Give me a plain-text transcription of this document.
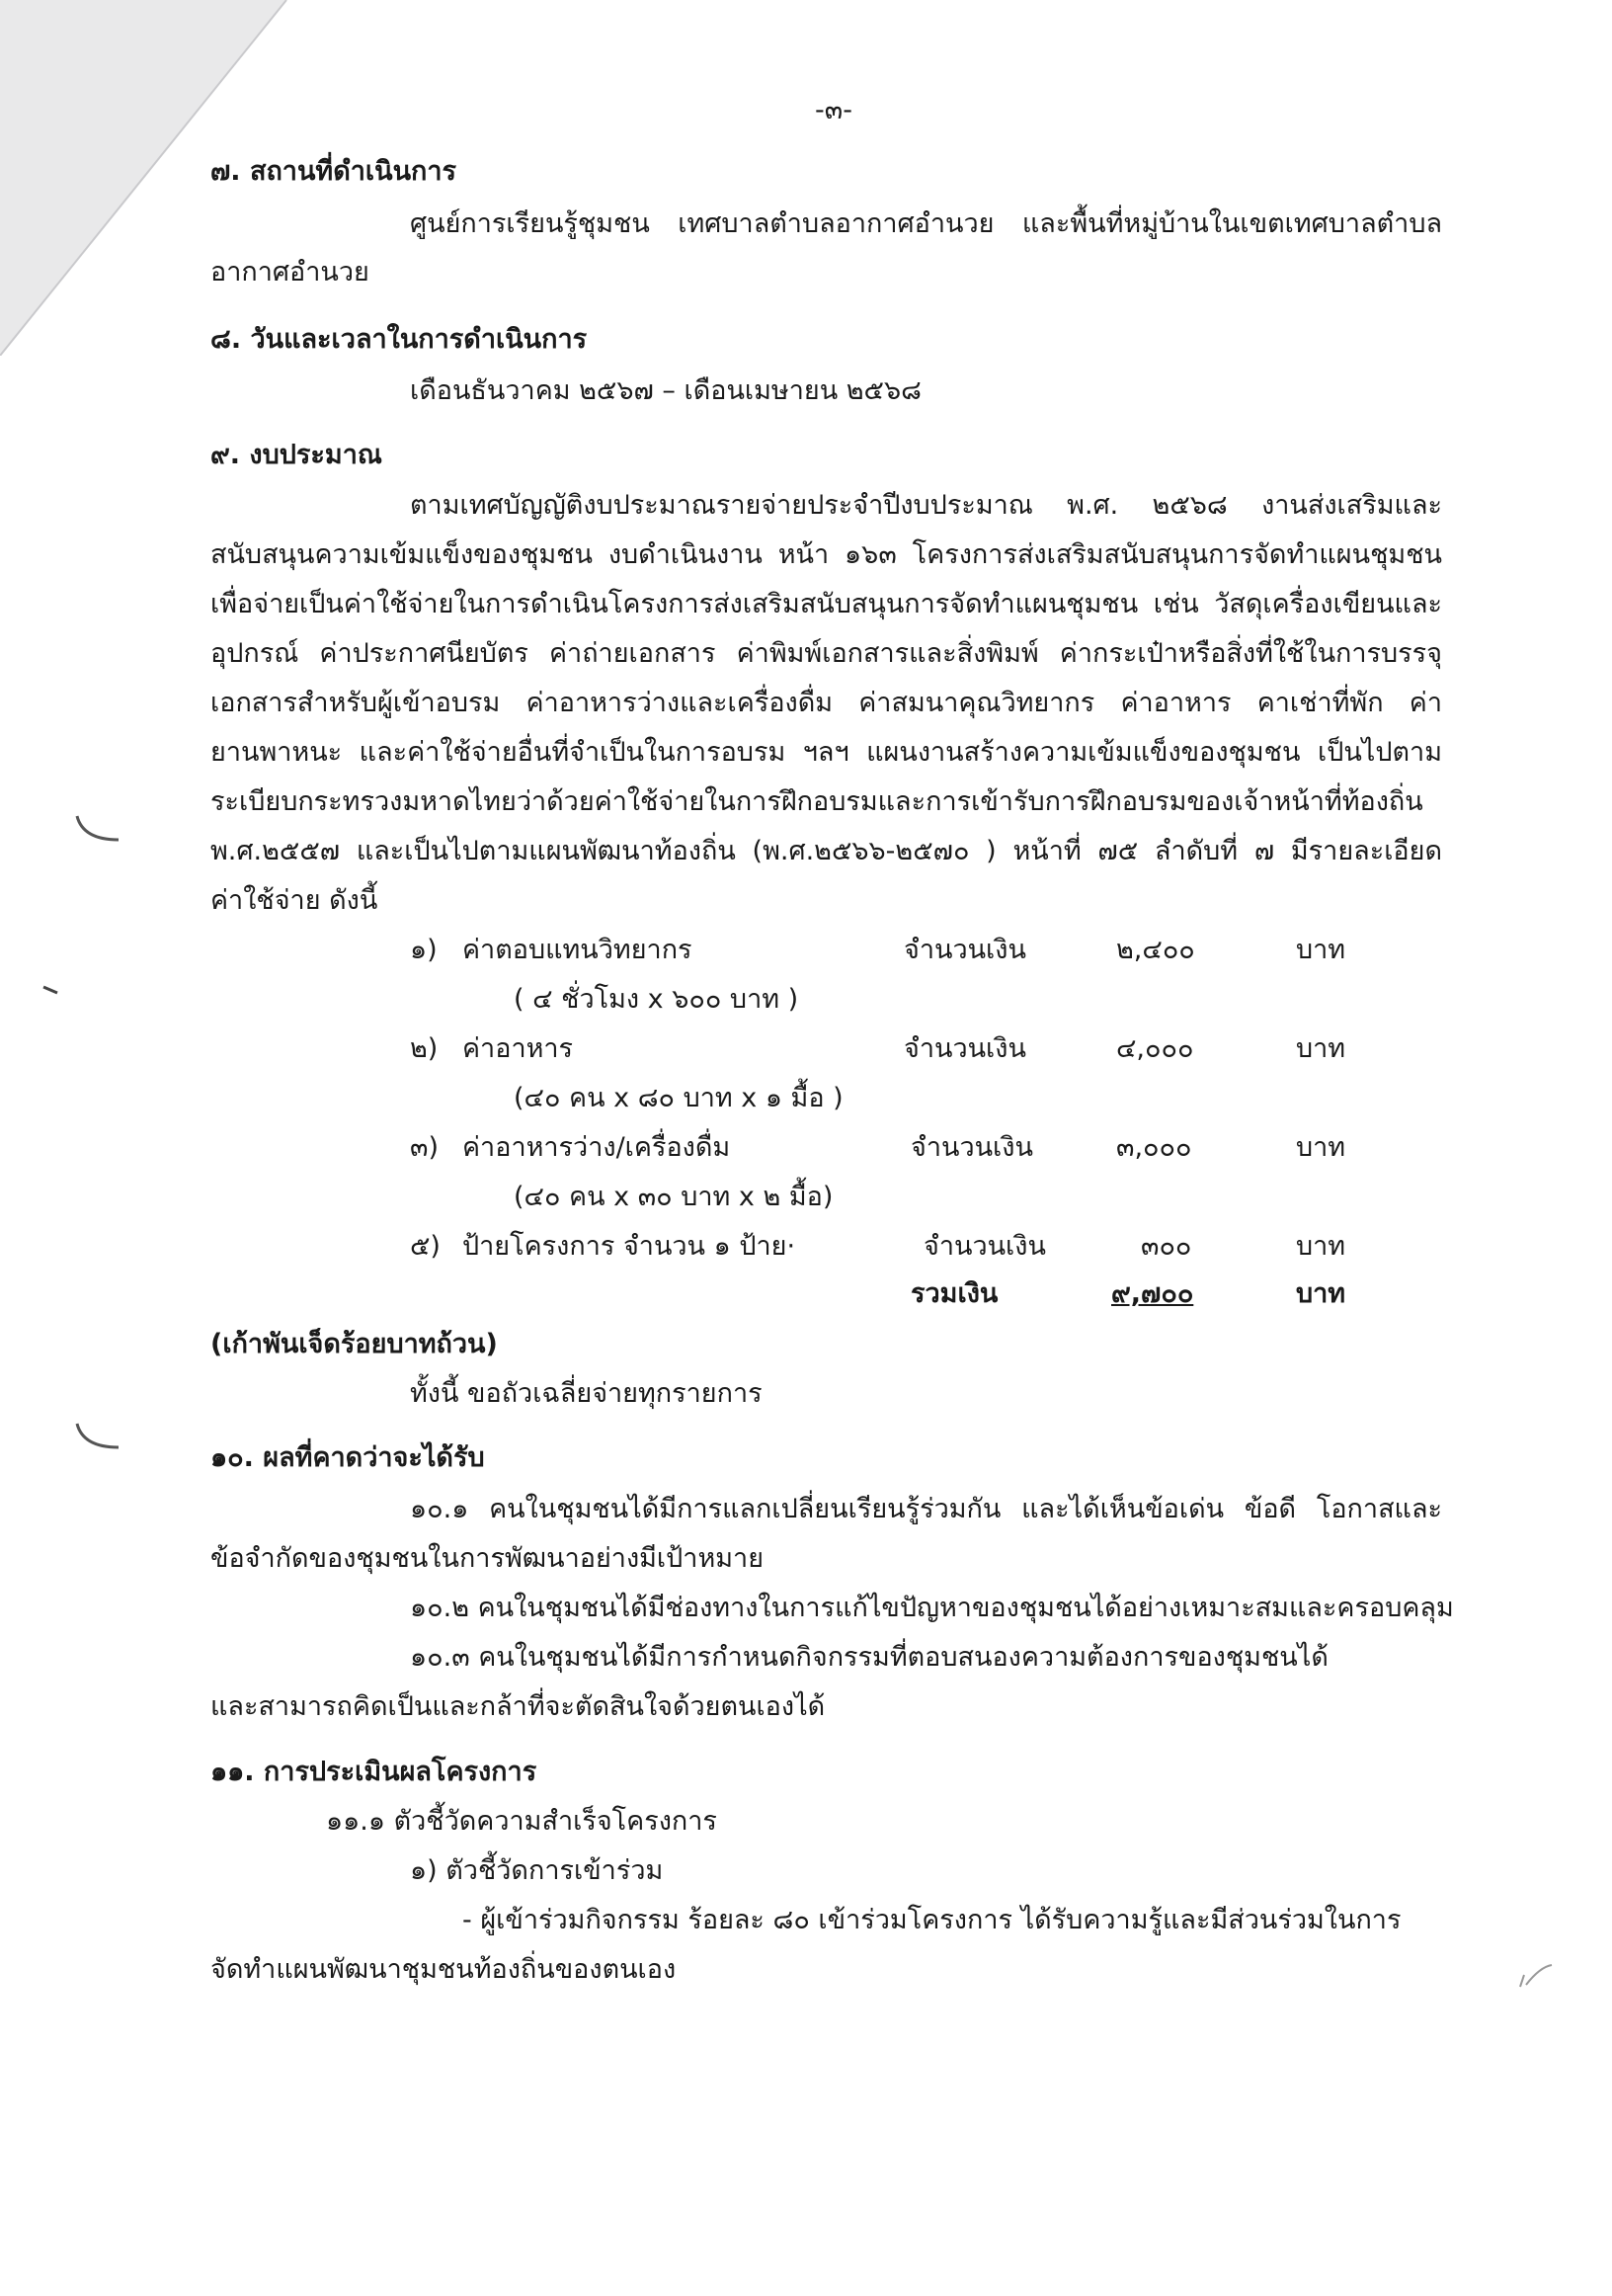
-๓-
๗. สถานที่ดำเนินการ
ศูนย์การเรียนรู้ชุมชน เทศบาลตำบลอากาศอำนวย และพื้นที่หมู่บ้านในเขตเทศบาลตำบล
อากาศอำนวย
๘. วันและเวลาในการดำเนินการ
เดือนธันวาคม ๒๕๖๗ – เดือนเมษายน ๒๕๖๘
๙. งบประมาณ
ตามเทศบัญญัติงบประมาณรายจ่ายประจำปีงบประมาณ พ.ศ. ๒๕๖๘ งานส่งเสริมและ
สนับสนุนความเข้มแข็งของชุมชน งบดำเนินงาน หน้า ๑๖๓ โครงการส่งเสริมสนับสนุนการจัดทำแผนชุมชน
เพื่อจ่ายเป็นค่าใช้จ่ายในการดำเนินโครงการส่งเสริมสนับสนุนการจัดทำแผนชุมชน เช่น วัสดุเครื่องเขียนและ
อุปกรณ์ ค่าประกาศนียบัตร ค่าถ่ายเอกสาร ค่าพิมพ์เอกสารและสิ่งพิมพ์ ค่ากระเป๋าหรือสิ่งที่ใช้ในการบรรจุ
เอกสารสำหรับผู้เข้าอบรม ค่าอาหารว่างและเครื่องดื่ม ค่าสมนาคุณวิทยากร ค่าอาหาร คาเช่าที่พัก ค่า
ยานพาหนะ และค่าใช้จ่ายอื่นที่จำเป็นในการอบรม ฯลฯ แผนงานสร้างความเข้มแข็งของชุมชน เป็นไปตาม
ระเบียบกระทรวงมหาดไทยว่าด้วยค่าใช้จ่ายในการฝึกอบรมและการเข้ารับการฝึกอบรมของเจ้าหน้าที่ท้องถิ่น
พ.ศ.๒๕๕๗ และเป็นไปตามแผนพัฒนาท้องถิ่น (พ.ศ.๒๕๖๖-๒๕๗๐ ) หน้าที่ ๗๕ ลำดับที่ ๗ มีรายละเอียด
ค่าใช้จ่าย ดังนี้
๑) ค่าตอบแทนวิทยากร	จำนวนเงิน	๒,๔๐๐	บาท
( ๔ ชั่วโมง x ๖๐๐ บาท )
๒) ค่าอาหาร	จำนวนเงิน	๔,๐๐๐	บาท
(๔๐ คน x ๘๐ บาท x ๑ มื้อ )
๓) ค่าอาหารว่าง/เครื่องดื่ม	จำนวนเงิน	๓,๐๐๐	บาท
(๔๐ คน x ๓๐ บาท x ๒ มื้อ)
๕) ป้ายโครงการ จำนวน ๑ ป้าย·	จำนวนเงิน	๓๐๐	บาท
รวมเงิน	๙,๗๐๐	บาท
(เก้าพันเจ็ดร้อยบาทถ้วน)
ทั้งนี้ ขอถัวเฉลี่ยจ่ายทุกรายการ
๑๐. ผลที่คาดว่าจะได้รับ
๑๐.๑ คนในชุมชนได้มีการแลกเปลี่ยนเรียนรู้ร่วมกัน และได้เห็นข้อเด่น ข้อดี โอกาสและ
ข้อจำกัดของชุมชนในการพัฒนาอย่างมีเป้าหมาย
๑๐.๒ คนในชุมชนได้มีช่องทางในการแก้ไขปัญหาของชุมชนได้อย่างเหมาะสมและครอบคลุม
๑๐.๓ คนในชุมชนได้มีการกำหนดกิจกรรมที่ตอบสนองความต้องการของชุมชนได้
และสามารถคิดเป็นและกล้าที่จะตัดสินใจด้วยตนเองได้
๑๑. การประเมินผลโครงการ
๑๑.๑ ตัวชี้วัดความสำเร็จโครงการ
๑) ตัวชี้วัดการเข้าร่วม
- ผู้เข้าร่วมกิจกรรม ร้อยละ ๘๐ เข้าร่วมโครงการ ได้รับความรู้และมีส่วนร่วมในการ
จัดทำแผนพัฒนาชุมชนท้องถิ่นของตนเอง
